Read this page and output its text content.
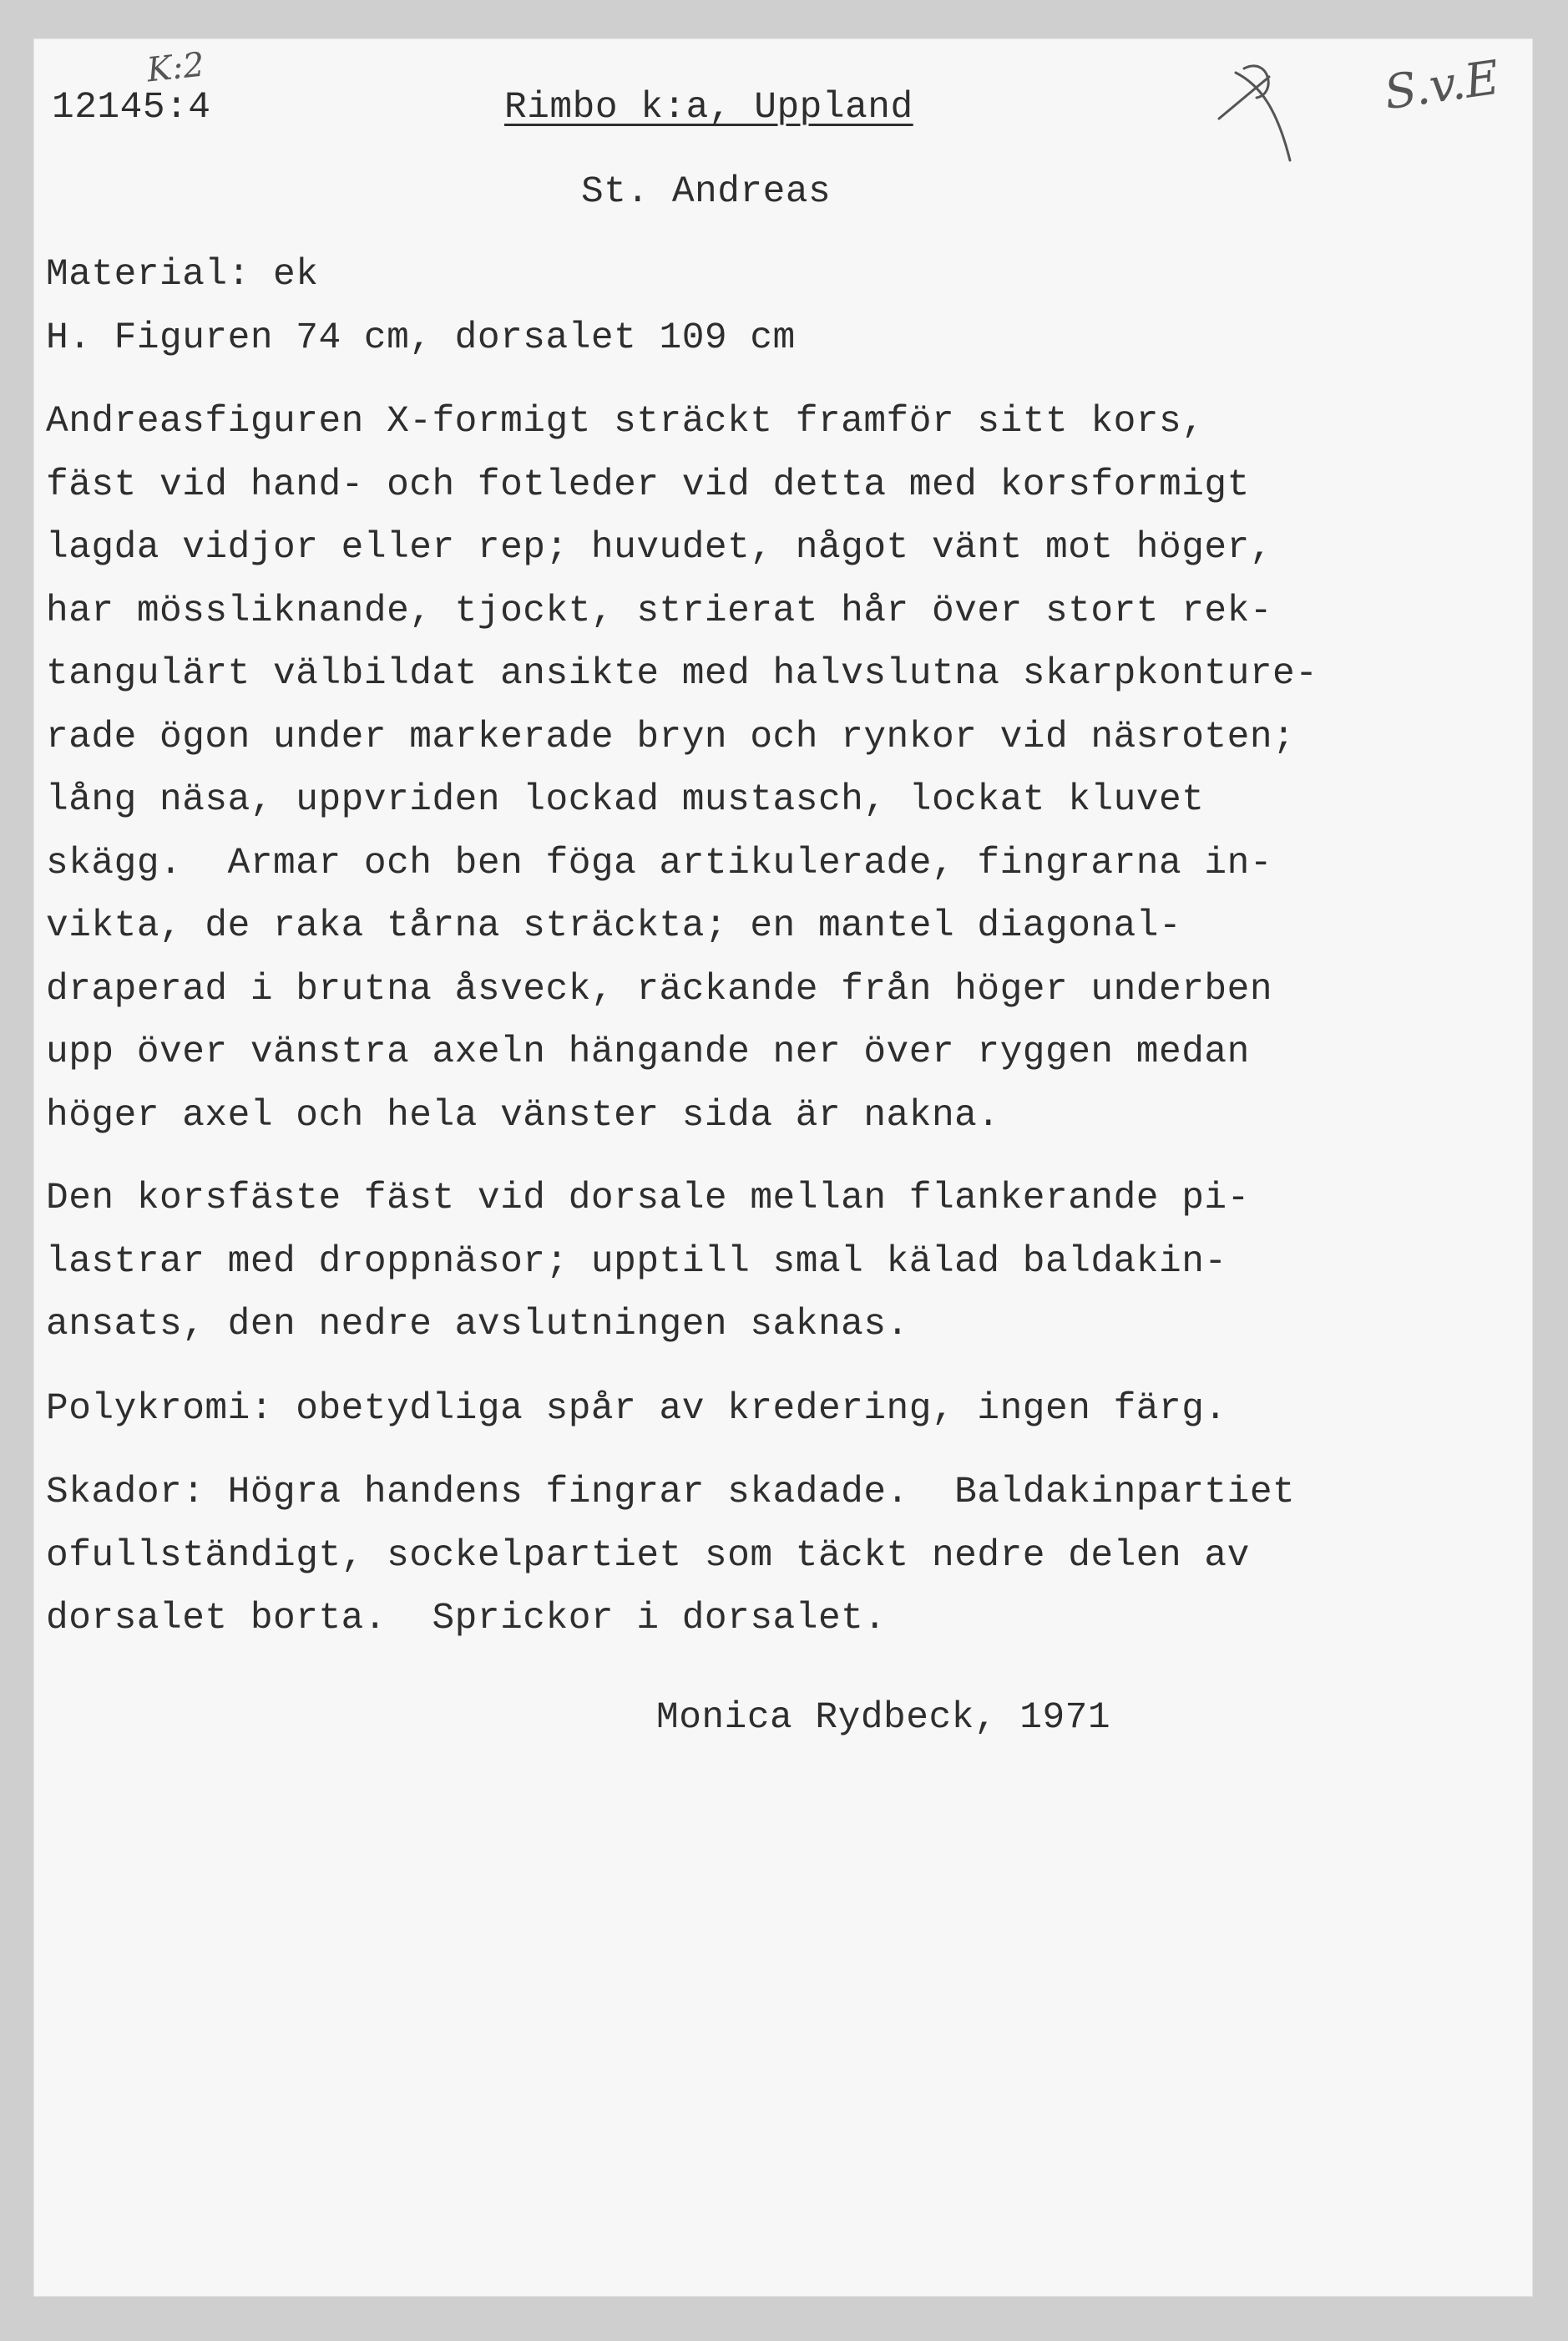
K:2	S.v.E
12145:4	Rimbo k:a, Uppland
St. Andreas
Material: ek
H. Figuren 74 cm, dorsalet 109 cm
Andreasfiguren X-formigt sträckt framför sitt kors,
fäst vid hand- och fotleder vid detta med korsformigt
lagda vidjor eller rep; huvudet, något vänt mot höger,
har mössliknande, tjockt, strierat hår över stort rek-
tangulärt välbildat ansikte med halvslutna skarpkonture-
rade ögon under markerade bryn och rynkor vid näsroten;
lång näsa, uppvriden lockad mustasch, lockat kluvet
skägg.  Armar och ben föga artikulerade, fingrarna in-
vikta, de raka tårna sträckta; en mantel diagonal-
draperad i brutna åsveck, räckande från höger underben
upp över vänstra axeln hängande ner över ryggen medan
höger axel och hela vänster sida är nakna.
Den korsfäste fäst vid dorsale mellan flankerande pi-
lastrar med droppnäsor; upptill smal kälad baldakin-
ansats, den nedre avslutningen saknas.
Polykromi: obetydliga spår av kredering, ingen färg.
Skador: Högra handens fingrar skadade.  Baldakinpartiet
ofullständigt, sockelpartiet som täckt nedre delen av
dorsalet borta.  Sprickor i dorsalet.
Monica Rydbeck, 1971
